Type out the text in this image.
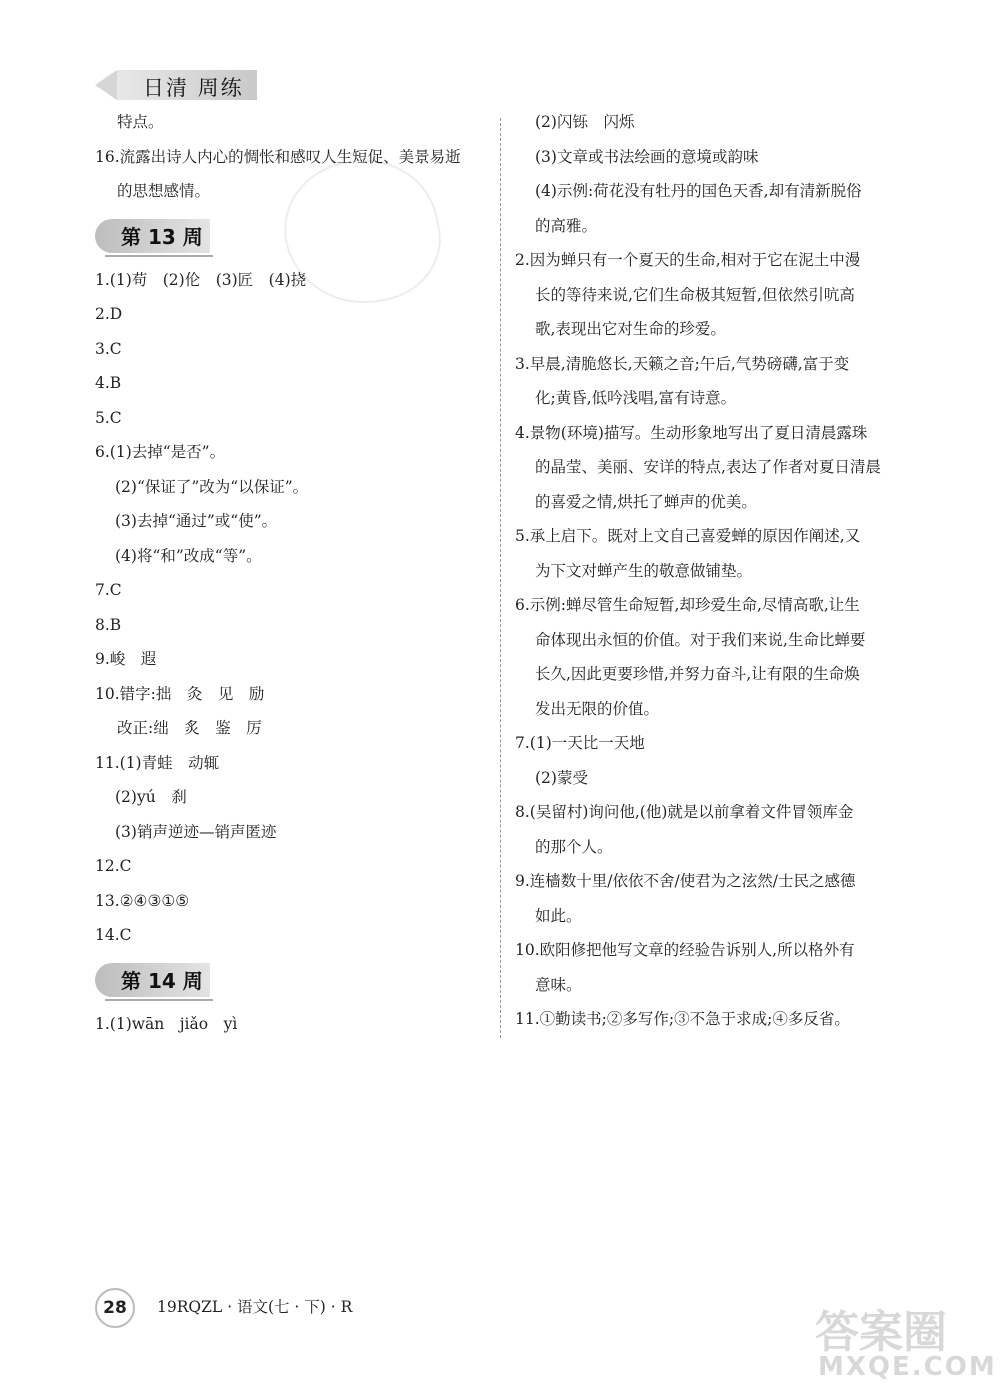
日清 周练
特点。
16.流露出诗人内心的惆怅和感叹人生短促、美景易逝
的思想感情。
第 13 周
1.(1)苟　(2)伦　(3)匠　(4)挠
2.D
3.C
4.B
5.C
6.(1)去掉“是否”。
(2)“保证了”改为“以保证”。
(3)去掉“通过”或“使”。
(4)将“和”改成“等”。
7.C
8.B
9.峻　遐
10.错字:拙　灸　见　励
改正:绌　炙　鉴　厉
11.(1)青蛙　动辄
(2)yú　刹
(3)销声逆迹—销声匿迹
12.C
13.②④③①⑤
14.C
第 14 周
1.(1)wān　jiǎo　yì
(2)闪铄　闪烁
(3)文章或书法绘画的意境或韵味
(4)示例:荷花没有牡丹的国色天香,却有清新脱俗
的高雅。
2.因为蝉只有一个夏天的生命,相对于它在泥土中漫
长的等待来说,它们生命极其短暂,但依然引吭高
歌,表现出它对生命的珍爱。
3.早晨,清脆悠长,天籁之音;午后,气势磅礴,富于变
化;黄昏,低吟浅唱,富有诗意。
4.景物(环境)描写。生动形象地写出了夏日清晨露珠
的晶莹、美丽、安详的特点,表达了作者对夏日清晨
的喜爱之情,烘托了蝉声的优美。
5.承上启下。既对上文自己喜爱蝉的原因作阐述,又
为下文对蝉产生的敬意做铺垫。
6.示例:蝉尽管生命短暂,却珍爱生命,尽情高歌,让生
命体现出永恒的价值。对于我们来说,生命比蝉要
长久,因此更要珍惜,并努力奋斗,让有限的生命焕
发出无限的价值。
7.(1)一天比一天地
(2)蒙受
8.(吴留村)询问他,(他)就是以前拿着文件冒领库金
的那个人。
9.连樯数十里/依依不舍/使君为之泫然/士民之感德
如此。
10.欧阳修把他写文章的经验告诉别人,所以格外有
意味。
11.①勤读书;②多写作;③不急于求成;④多反省。
28	19RQZL · 语文(七 · 下) · R	答案圈
MXQE.COM
